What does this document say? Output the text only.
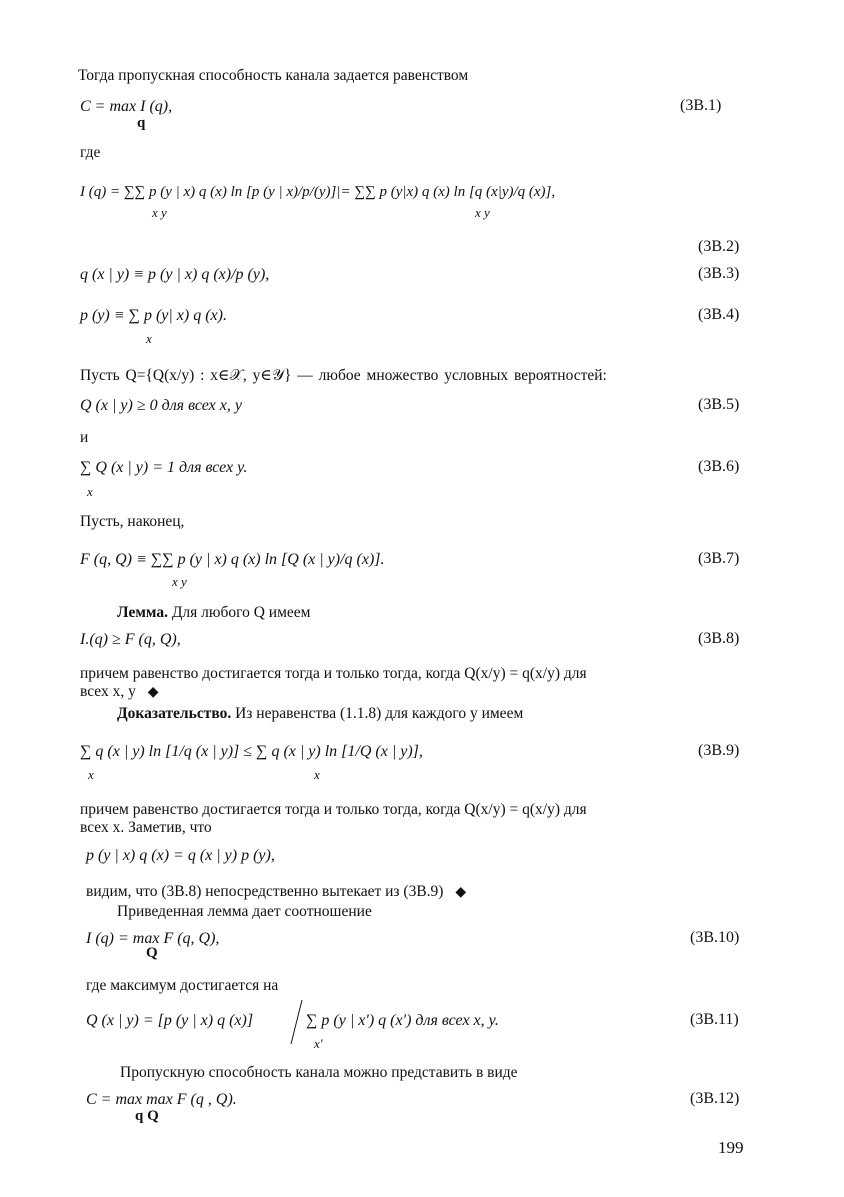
Тогда пропускная способность канала задается равенством
C = max I (q),
q
(3B.1)
где
I (q) = ∑∑ p (y | x) q (x) ln [p (y | x)/p/(y)]|= ∑∑ p (y|x) q (x) ln [q (x|y)/q (x)],
x y	x y
(3B.2)
q (x | y) ≡ p (y | x) q (x)/p (y),	(3B.3)
p (y) ≡ ∑ p (y| x) q (x).
x
(3B.4)
Пусть Q={Q(x/y) : x∈𝒳, y∈𝒴} — любое множество условных вероятностей:
Q (x | y) ≥ 0 для всех x, y	(3B.5)
и
∑ Q (x | y) = 1 для всех y.
x
(3B.6)
Пусть, наконец,
F (q, Q) ≡ ∑∑ p (y | x) q (x) ln [Q (x | y)/q (x)].
x y
(3B.7)
Лемма. Для любого Q имеем
I.(q) ≥ F (q, Q),	(3B.8)
причем равенство достигается тогда и только тогда, когда Q(x/y) = q(x/y) для
всех x, y ◆
Доказательство. Из неравенства (1.1.8) для каждого y имеем
∑ q (x | y) ln [1/q (x | y)] ≤ ∑ q (x | y) ln [1/Q (x | y)],
x	x
(3B.9)
причем равенство достигается тогда и только тогда, когда Q(x/y) = q(x/y) для
всех x. Заметив, что
p (y | x) q (x) = q (x | y) p (y),
видим, что (3B.8) непосредственно вытекает из (3B.9) ◆
Приведенная лемма дает соотношение
I (q) = max F (q, Q),
Q
(3B.10)
где максимум достигается на
Q (x | y) = [p (y | x) q (x)]	∑ p (y | x′) q (x′) для всех x, y.
x′
(3B.11)
Пропускную способность канала можно представить в виде
C = max max F (q , Q).
q Q
(3B.12)
199
